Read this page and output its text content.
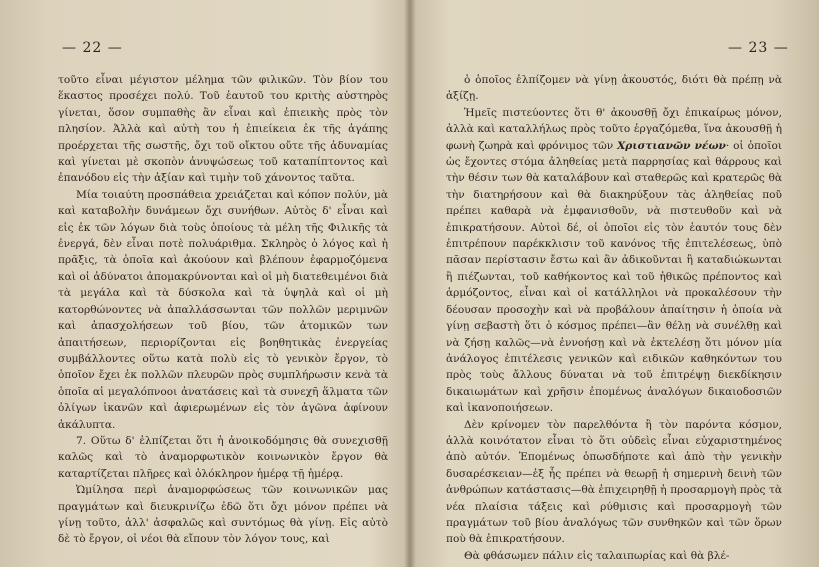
— 22 —

τοῦτο εἶναι μέγιστον μέλημα τῶν φιλικῶν. Τὸν βίον του ἕκαστος προσέχει πολύ. Τοῦ ἑαυτοῦ του κριτὴς αὐστηρὸς γίνεται, ὅσον συμπαθὴς ἂν εἶναι καὶ ἐπιεικὴς πρὸς τὸν πλησίον. Ἀλλὰ καὶ αὐτὴ του ἡ ἐπιείκεια ἐκ τῆς ἀγάπης προέρχεται τῆς σωστῆς, ὄχι τοῦ οἴκτου οὔτε τῆς ἀδυναμίας καὶ γίνεται μὲ σκοπὸν ἀνυψώσεως τοῦ καταπίπτοντος καὶ ἐπανόδου εἰς τὴν ἀξίαν καὶ τιμὴν τοῦ χάνοντος ταῦτα.

Μία τοιαύτη προσπάθεια χρειάζεται καὶ κόπον πολύν, μὰ καὶ καταβολὴν δυνάμεων ὄχι συνήθων. Αὐτὸς δ' εἶναι καὶ εἰς ἐκ τῶν λόγων διὰ τοὺς ὁποίους τὰ μέλη τῆς Φιλικῆς τὰ ἐνεργά, δὲν εἶναι ποτὲ πολυάριθμα. Σκληρὸς ὁ λόγος καὶ ἡ πρᾶξις, τὰ ὁποῖα καὶ ἀκούουν καὶ βλέπουν ἐφαρμοζόμενα καὶ οἱ ἀδύνατοι ἀπομακρύνονται καὶ οἱ μὴ διατεθειμένοι διὰ τὰ μεγάλα καὶ τὰ δύσκολα καὶ τὰ ὑψηλὰ καὶ οἱ μὴ κατορθώνοντες νὰ ἀπαλλάσσωνται τῶν πολλῶν μεριμνῶν καὶ ἀπασχολήσεων τοῦ βίου, τῶν ἀτομικῶν των ἀπαιτήσεων, περιορίζονται εἰς βοηθητικὰς ἐνεργείας συμβάλλοντες οὕτω κατὰ πολὺ εἰς τὸ γενικὸν ἔργον, τὸ ὁποῖον ἔχει ἐκ πολλῶν πλευρῶν πρὸς συμπλήρωσιν κενὰ τὰ ὁποῖα αἱ μεγαλόπνοοι ἀνατάσεις καὶ τὰ συνεχῆ ἅλματα τῶν ὀλίγων ἱκανῶν καὶ ἀφιερωμένων εἰς τὸν ἀγῶνα ἀφίνουν ἀκάλυπτα.

7. Οὕτω δ' ἐλπίζεται ὅτι ἡ ἀνοικοδόμησις θὰ συνεχισθῇ καλῶς καὶ τὸ ἀναμορφωτικὸν κοινωνικὸν ἔργον θὰ καταρτίζεται πλῆρες καὶ ὁλόκληρον ἡμέρᾳ τῇ ἡμέρᾳ.

Ὡμίλησα περὶ ἀναμορφώσεως τῶν κοινωνικῶν μας πραγμάτων καὶ διευκρινίζω ἐδῶ ὅτι ὄχι μόνον πρέπει νὰ γίνῃ τοῦτο, ἀλλ' ἀσφαλῶς καὶ συντόμως θὰ γίνῃ. Εἰς αὐτὸ δὲ τὸ ἔργον, οἱ νέοι θὰ εἴπουν τὸν λόγον τους, καὶ

— 23 —

ὁ ὁποῖος ἐλπίζομεν νὰ γίνῃ ἀκουστός, διότι θὰ πρέπῃ νὰ ἀξίζῃ.

Ἡμεῖς πιστεύοντες ὅτι θ' ἀκουσθῇ ὄχι ἐπικαίρως μόνον, ἀλλὰ καὶ καταλλήλως πρὸς τοῦτο ἐργαζόμεθα, ἵνα ἀκουσθῇ ἡ φωνὴ ζωηρὰ καὶ φρόνιμος τῶν Χριστιανῶν νέων· οἱ ὁποῖοι ὡς ἔχοντες στόμα ἀληθείας μετὰ παρρησίας καὶ θάρρους καὶ τὴν θέσιν των θὰ καταλάβουν καὶ σταθερῶς καὶ κρατερῶς θὰ τὴν διατηρήσουν καὶ θὰ διακηρύξουν τὰς ἀληθείας ποῦ πρέπει καθαρὰ νὰ ἐμφανισθοῦν, νὰ πιστευθοῦν καὶ νὰ ἐπικρατήσουν. Αὐτοὶ δέ, οἱ ὁποῖοι εἰς τὸν ἑαυτόν τους δὲν ἐπιτρέπουν παρέκκλισιν τοῦ κανόνος τῆς ἐπιτελέσεως, ὑπὸ πᾶσαν περίστασιν ἔστω καὶ ἂν ἀδικοῦνται ἢ καταδιώκωνται ἢ πιέζωνται, τοῦ καθήκοντος καὶ τοῦ ἠθικῶς πρέποντος καὶ ἁρμόζοντος, εἶναι καὶ οἱ κατάλληλοι νὰ προκαλέσουν τὴν δέουσαν προσοχὴν καὶ νὰ προβάλουν ἀπαίτησιν ἡ ὁποία νὰ γίνῃ σεβαστὴ ὅτι ὁ κόσμος πρέπει—ἂν θέλῃ νὰ συνέλθῃ καὶ νὰ ζήσῃ καλῶς—νὰ ἐννοήσῃ καὶ νὰ ἐκτελέσῃ ὅτι μόνον μία ἀνάλογος ἐπιτέλεσις γενικῶν καὶ ειδικῶν καθηκόντων του πρὸς τοὺς ἄλλους δύναται νὰ τοῦ ἐπιτρέψῃ διεκδίκησιν δικαιωμάτων καὶ χρῆσιν ἐπομένως ἀναλόγων δικαιοδοσιῶν καὶ ἱκανοποιήσεων.

Δὲν κρίνομεν τὸν παρελθόντα ἢ τὸν παρόντα κόσμον, ἀλλὰ κοινότατον εἶναι τὸ ὅτι οὐδεὶς εἶναι εὐχαριστημένος ἀπὸ αὐτόν. Ἐπομένως ὁπωσδήποτε καὶ ἀπὸ τὴν γενικὴν δυσαρέσκειαν—ἐξ ἧς πρέπει νὰ θεωρῇ ἡ σημερινὴ δεινὴ τῶν ἀνθρώπων κατάστασις—θὰ ἐπιχειρηθῇ ἡ προσαρμογὴ πρὸς τὰ νέα πλαίσια τάξεις καὶ ρύθμισις καὶ προσαρμογὴ τῶν πραγμάτων τοῦ βίου ἀναλόγως τῶν συνθηκῶν καὶ τῶν ὅρων ποὺ θὰ ἐπικρατήσουν.

Θὰ φθάσωμεν πάλιν εἰς ταλαιπωρίας καὶ θὰ βλέ-
